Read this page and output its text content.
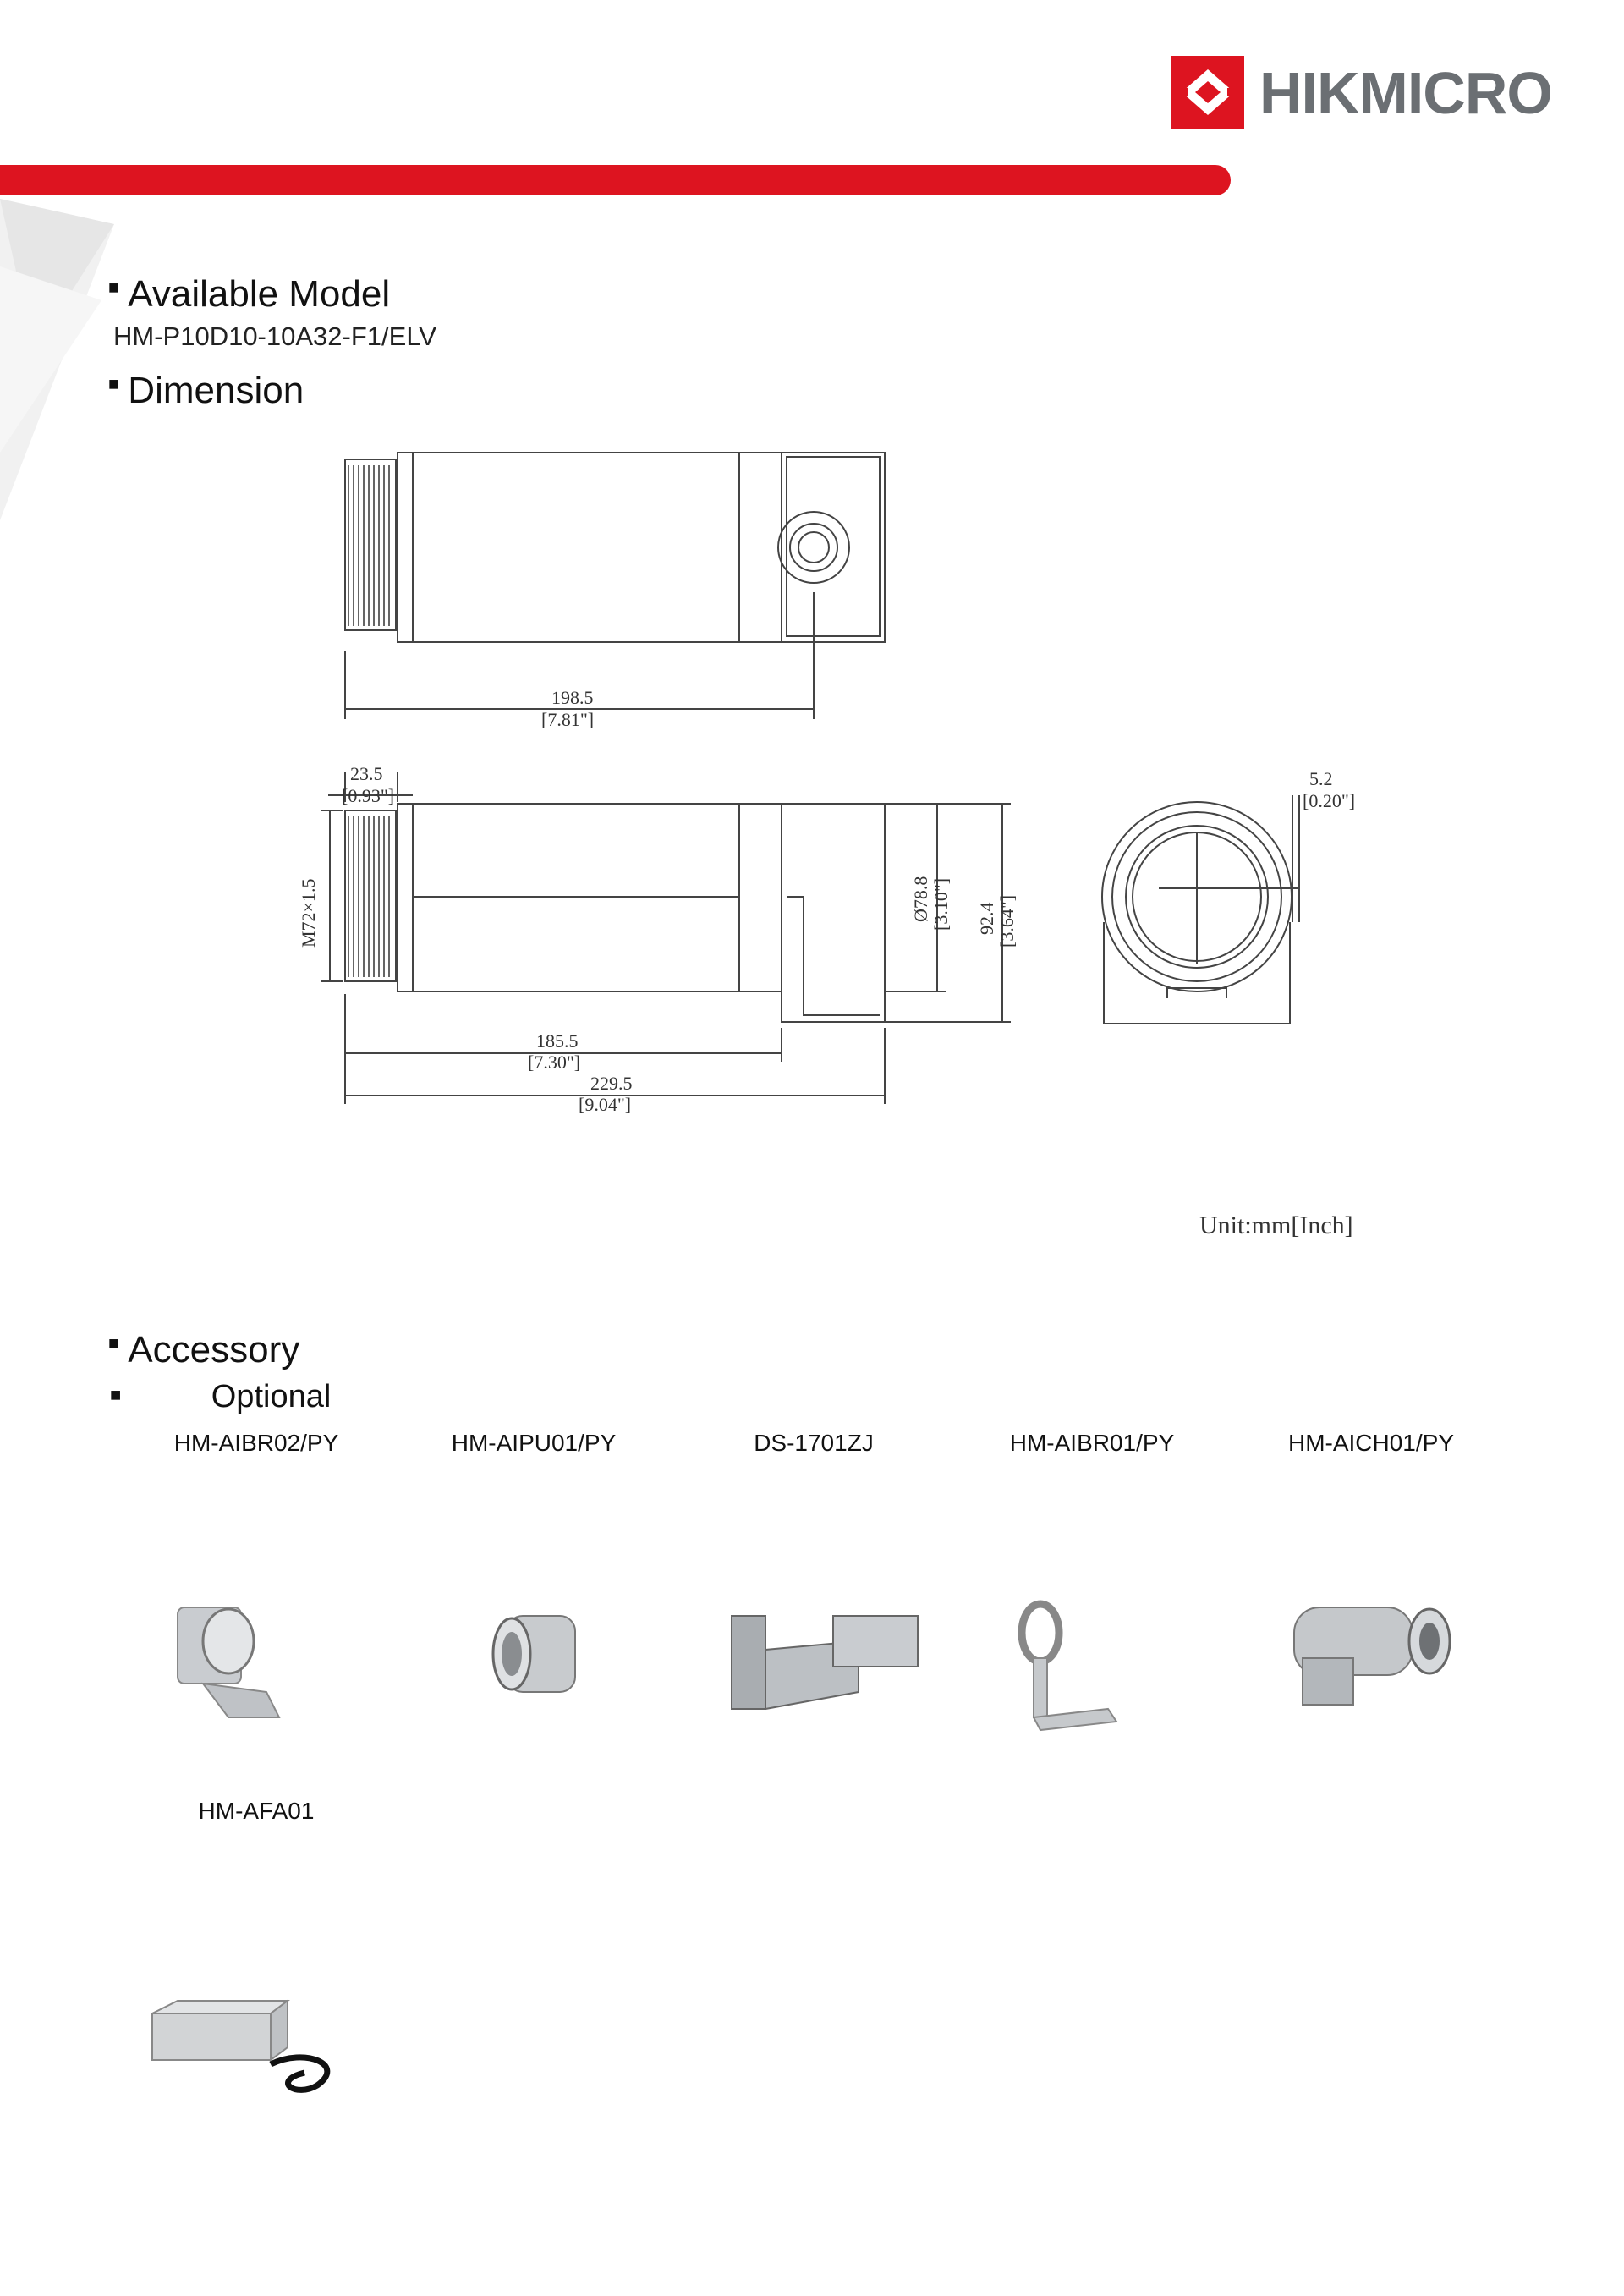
HIKMICRO
■ Available Model
HM-P10D10-10A32-F1/ELV
■ Dimension
198.5
[7.81"]
23.5
[0.93"]
M72×1.5	Ø78.8 [3.10"] 92.4 [3.64"]
185.5
[7.30"]
229.5
[9.04"]
5.2
[0.20"]
Unit:mm[Inch]
■ Accessory
■	Optional
HM-AIBR02/PY	HM-AIPU01/PY	DS-1701ZJ	HM-AIBR01/PY	HM-AICH01/PY
HM-AFA01
